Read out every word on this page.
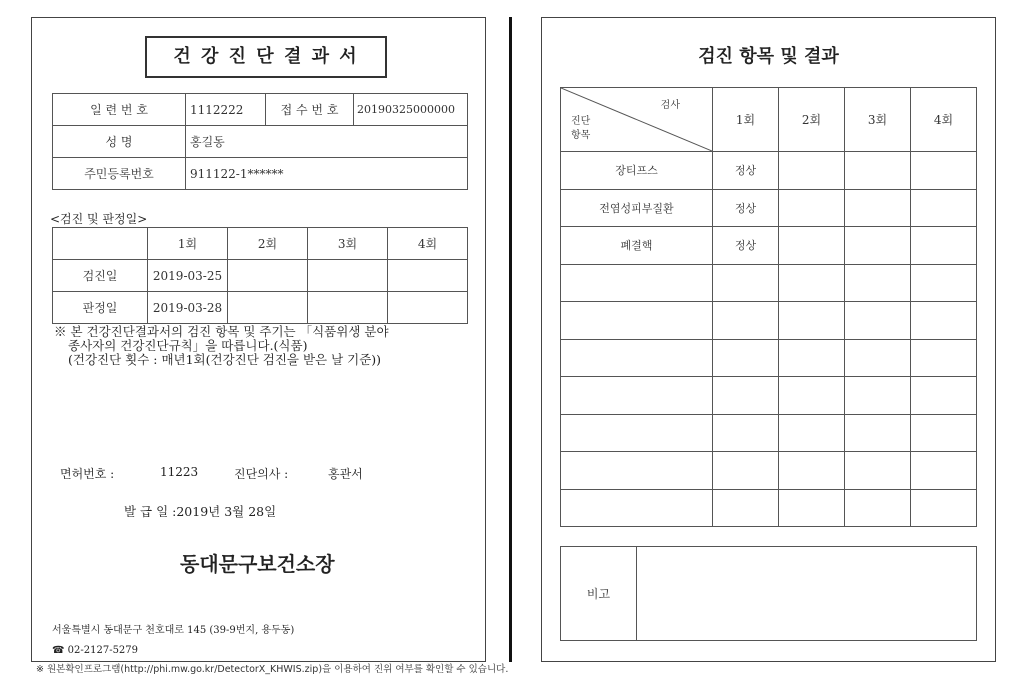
건 강 진 단 결 과 서
일 련 번 호	1112222	접 수 번 호	20190325000000
성 명	홍길동		
주민등록번호	911122-1******		
<검진 및 판정일>
	1회	2회	3회	4회
검진일	2019-03-25			
판정일	2019-03-28			
※ 본 건강진단결과서의 검진 항목 및 주기는 「식품위생 분야
종사자의 건강진단규칙」을 따릅니다.(식품)
(건강진단 횟수 : 매년1회(건강진단 검진을 받은 날 기준))
면허번호 :	11223	진단의사 :	홍관서
발 급 일 :2019년 3월 28일
동대문구보건소장
서울특별시 동대문구 천호대로 145 (39-9번지, 용두동)
☎ 02-2127-5279
검진 항목 및 결과
검사
진단
항목	1회	2회	3회	4회
장티프스	정상			
전염성피부질환	정상			
폐결핵	정상			

비고	
※ 원본확인프로그램(http://phi.mw.go.kr/DetectorX_KHWIS.zip)을 이용하여 진위 여부를 확인할 수 있습니다.
